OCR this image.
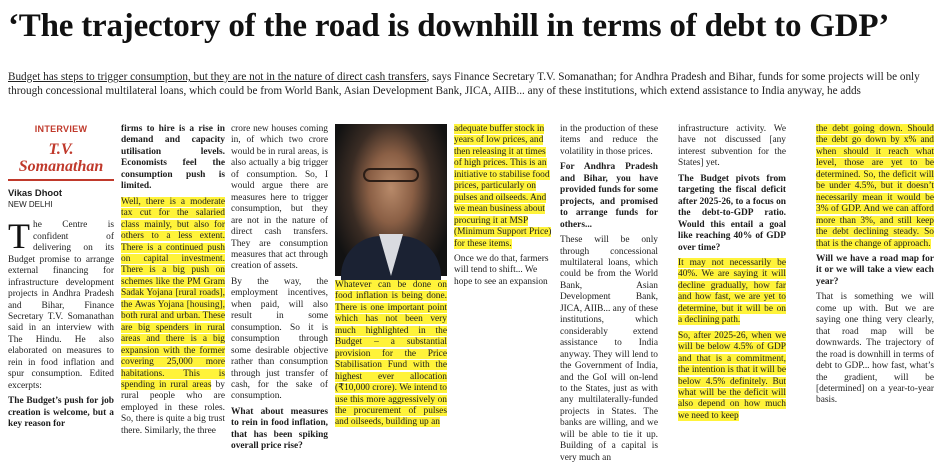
‘The trajectory of the road is downhill in terms of debt to GDP’
Budget has steps to trigger consumption, but they are not in the nature of direct cash transfers, says Finance Secretary T.V. Somanathan; for Andhra Pradesh and Bihar, funds for some projects will be only through concessional multilateral loans, which could be from World Bank, Asian Development Bank, JICA, AIIB... any of these institutions, which extend assistance to India anyway, he adds
INTERVIEW
T.V. Somanathan
Vikas Dhoot
NEW DELHI

The Centre is confident of delivering on its Budget promise to arrange external financing for infrastructure development projects in Andhra Pradesh and Bihar, Finance Secretary T.V. Somanathan said in an interview with The Hindu. He also elaborated on measures to rein in food inflation and spur consumption. Edited excerpts:

The Budget’s push for job creation is welcome, but a key reason for

firms to hire is a rise in demand and capacity utilisation levels. Economists feel the consumption push is limited.

Well, there is a moderate tax cut for the salaried class mainly, but also for others to a less extent. There is a continued push on capital investment. There is a big push on schemes like the PM Gram Sadak Yojana [rural roads], the Awas Yojana [housing], both rural and urban. These are big spenders in rural areas and there is a big expansion with the former covering 25,000 more habitations. This is spending in rural areas by rural people who are employed in these roles. So, there is quite a big trust there. Similarly, the three

crore new houses coming in, of which two crore would be in rural areas, is also actually a big trigger of consumption. So, I would argue there are measures here to trigger consumption, but they are not in the nature of direct cash transfers. They are consumption measures that act through creation of assets.

By the way, the employment incentives, when paid, will also result in some consumption. So it is consumption through some desirable objective rather than consumption through just transfer of cash, for the sake of consumption.

What about measures to rein in food inflation, that has been spiking overall price rise?

Whatever can be done on food inflation is being done. There is one important point which has not been very much highlighted in the Budget – a substantial provision for the Price Stabilisation Fund with the highest ever allocation (₹10,000 crore). We intend to use this more aggressively on the procurement of pulses and oilseeds, building up an

adequate buffer stock in years of low prices, and then releasing it at times of high prices. This is an initiative to stabilise food prices, particularly on pulses and oilseeds. And we mean business about procuring it at MSP (Minimum Support Price) for these items.

Once we do that, farmers will tend to shift... We hope to see an expansion

in the production of these items and reduce the volatility in those prices.

For Andhra Pradesh and Bihar, you have provided funds for some projects, and promised to arrange funds for others...

These will be only through concessional multilateral loans, which could be from the World Bank, Asian Development Bank, JICA, AIIB... any of these institutions, which considerably extend assistance to India anyway. They will lend to the Government of India, and the GoI will on-lend to the States, just as with any multilaterally-funded projects in States. The banks are willing, and we will be able to tie it up. Building of a capital is very much an

infrastructure activity. We have not discussed [any interest subvention for the States] yet.

The Budget pivots from targeting the fiscal deficit after 2025-26, to a focus on the debt-to-GDP ratio. Would this entail a goal like reaching 40% of GDP over time?

It may not necessarily be 40%. We are saying it will decline gradually, how far and how fast, we are yet to determine, but it will be on a declining path.

So, after 2025-26, when we will be below 4.5% of GDP and that is a commitment, the intention is that it will be below 4.5% definitely. But what will be the deficit will also depend on how much we need to keep

the debt going down. Should the debt go down by x% and when should it reach what level, those are yet to be determined. So, the deficit will be under 4.5%, but it doesn’t necessarily mean it would be 3% of GDP. And we can afford more than 3%, and still keep the debt declining steady. So that is the change of approach.

Will we have a road map for it or we will take a view each year?

That is something we will come up with. But we are saying one thing very clearly, that road map will be downwards. The trajectory of the road is downhill in terms of debt to GDP... how fast, what’s the gradient, will be [determined] on a year-to-year basis.
